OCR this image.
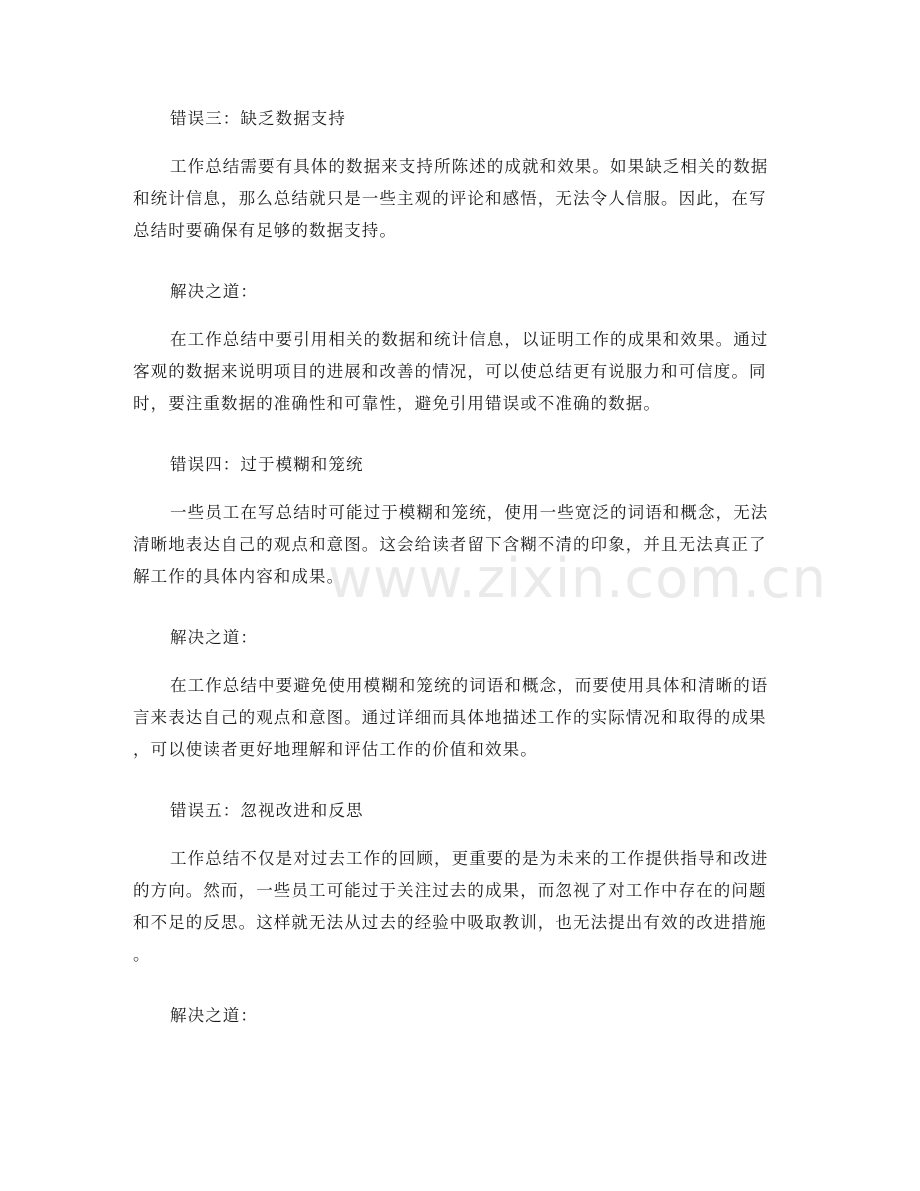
www.zixin.com.cn
错误三：缺乏数据支持
工作总结需要有具体的数据来支持所陈述的成就和效果。如果缺乏相关的数据
和统计信息，那么总结就只是一些主观的评论和感悟，无法令人信服。因此，在写
总结时要确保有足够的数据支持。
解决之道：
在工作总结中要引用相关的数据和统计信息，以证明工作的成果和效果。通过
客观的数据来说明项目的进展和改善的情况，可以使总结更有说服力和可信度。同
时，要注重数据的准确性和可靠性，避免引用错误或不准确的数据。
错误四：过于模糊和笼统
一些员工在写总结时可能过于模糊和笼统，使用一些宽泛的词语和概念，无法
清晰地表达自己的观点和意图。这会给读者留下含糊不清的印象，并且无法真正了
解工作的具体内容和成果。
解决之道：
在工作总结中要避免使用模糊和笼统的词语和概念，而要使用具体和清晰的语
言来表达自己的观点和意图。通过详细而具体地描述工作的实际情况和取得的成果
，可以使读者更好地理解和评估工作的价值和效果。
错误五：忽视改进和反思
工作总结不仅是对过去工作的回顾，更重要的是为未来的工作提供指导和改进
的方向。然而，一些员工可能过于关注过去的成果，而忽视了对工作中存在的问题
和不足的反思。这样就无法从过去的经验中吸取教训，也无法提出有效的改进措施
。
解决之道：
